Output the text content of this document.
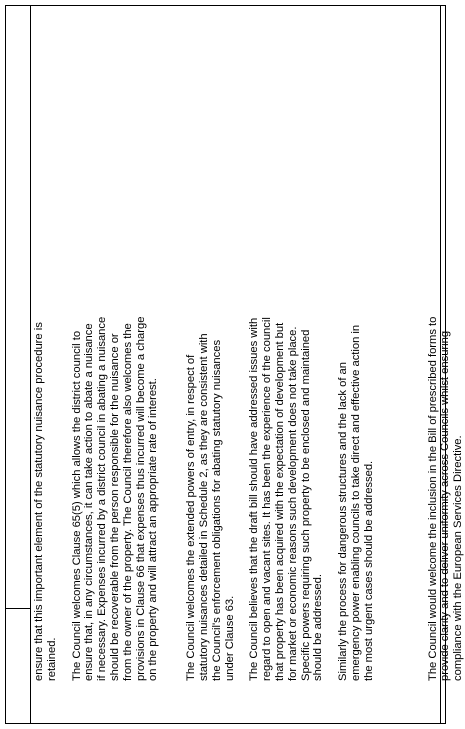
ensure that this important element of the statutory nuisance procedure is
retained. The Council welcomes Clause 65(5) which allows the district council to
ensure that, in any circumstances, it can take action to abate a nuisance
if necessary. Expenses incurred by a district council in abating a nuisance
should be recoverable from the person responsible for the nuisance or
from the owner of the property. The Council therefore also welcomes the
provisions in Clause 66 that expenses thus incurred will become a charge
on the property and will attract an appropriate rate of interest. The Council welcomes the extended powers of entry, in respect of
statutory nuisances detailed in Schedule 2, as they are consistent with
the Council's enforcement obligations for abating statutory nuisances
under Clause 63. The Council believes that the draft bill should have addressed issues with
regard to open and vacant sites. It has been the experience of the council
that property has been acquired with the expectation of development but
for market or economic reasons such development does not take place.
Specific powers requiring such property to be enclosed and maintained
should be addressed. Similarly the process for dangerous structures and the lack of an
emergency power enabling councils to take direct and effective action in
the most urgent cases should be addressed.	The Council would welcome the inclusion in the Bill of prescribed forms to
provide clarity and to deliver uniformity across Councils whilst ensuring
compliance with the European Services Directive.
